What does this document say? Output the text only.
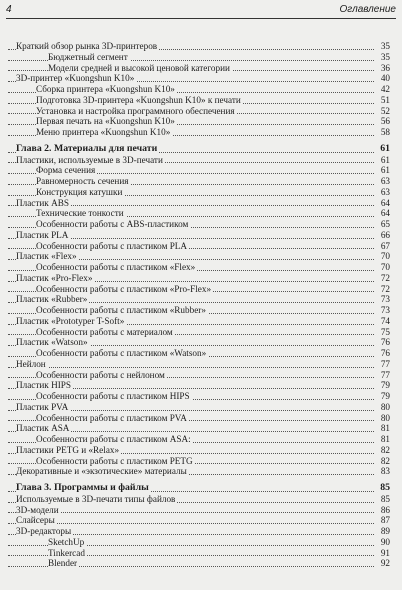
4	Оглавление
Краткий обзор рынка 3D-принтеров	35
Бюджетный сегмент	35
Модели средней и высокой ценовой категории	36
3D-принтер «Kuongshun K10»	40
Сборка принтера «Kuongshun K10»	42
Подготовка 3D-принтера «Kuongshun K10» к печати	51
Установка и настройка программного обеспечения	52
Первая печать на «Kuongshun K10»	56
Меню принтера «Kuongshun K10»	58
Глава 2. Материалы для печати	61
Пластики, используемые в 3D-печати	61
Форма сечения	61
Равномерность сечения	63
Конструкция катушки	63
Пластик ABS	64
Технические тонкости	64
Особенности работы с ABS-пластиком	65
Пластик PLA	66
Особенности работы с пластиком PLA	67
Пластик «Flex»	70
Особенности работы с пластиком «Flex»	70
Пластик «Pro-Flex»	72
Особенности работы с пластиком «Pro-Flex»	72
Пластик «Rubber»	73
Особенности работы с пластиком «Rubber»	73
Пластик «Prototyper T-Soft»	74
Особенности работы с материалом	75
Пластик «Watson»	76
Особенности работы с пластиком «Watson»	76
Нейлон	77
Особенности работы с нейлоном	77
Пластик HIPS	79
Особенности работы с пластиком HIPS	79
Пластик PVA	80
Особенности работы с пластиком PVA	80
Пластик ASA	81
Особенности работы с пластиком ASA:	81
Пластики PETG и «Relax»	82
Особенности работы с пластиком PETG	82
Декоративные и «экзотические» материалы	83
Глава 3. Программы и файлы	85
Используемые в 3D-печати типы файлов	85
3D-модели	86
Слайсеры	87
3D-редакторы	89
SketchUp	90
Tinkercad	91
Blender	92
